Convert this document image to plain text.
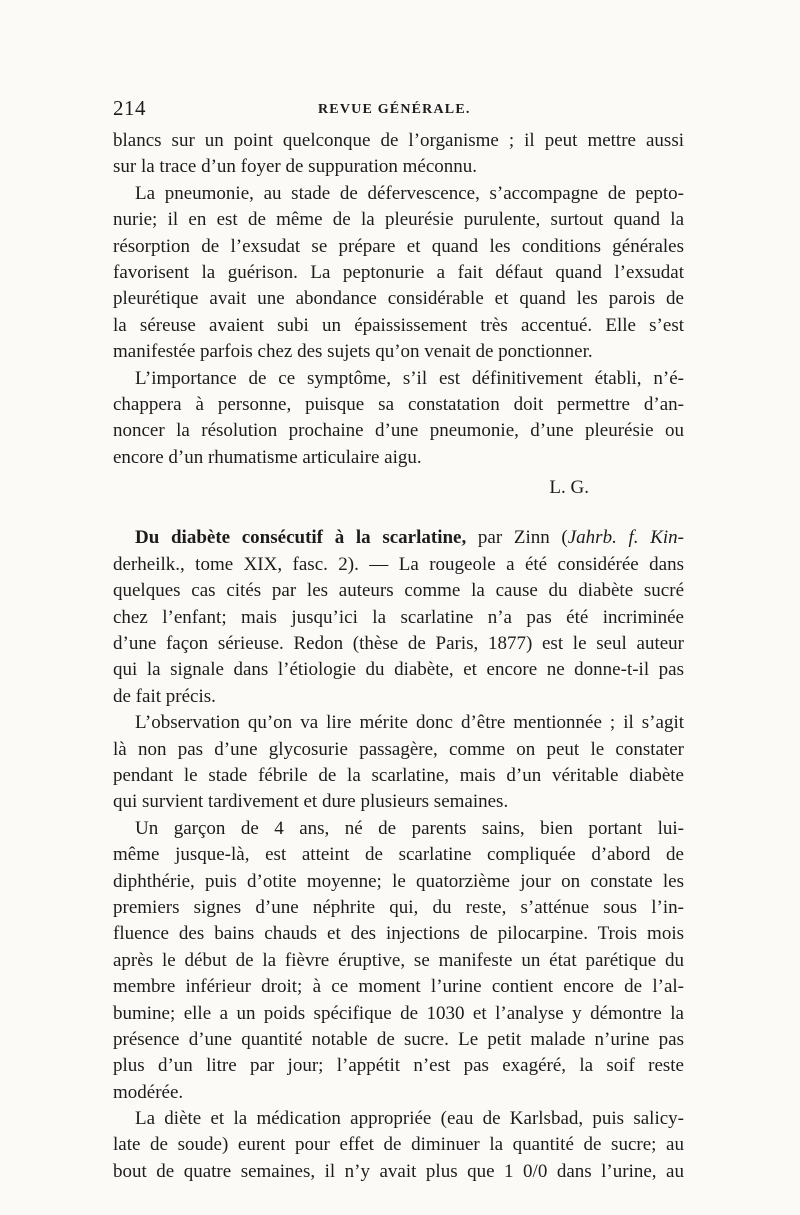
214	REVUE GÉNÉRALE.
blancs sur un point quelconque de l’organisme ; il peut mettre aussi
sur la trace d’un foyer de suppuration méconnu.
La pneumonie, au stade de défervescence, s’accompagne de pepto-
nurie; il en est de même de la pleurésie purulente, surtout quand la
résorption de l’exsudat se prépare et quand les conditions générales
favorisent la guérison. La peptonurie a fait défaut quand l’exsudat
pleurétique avait une abondance considérable et quand les parois de
la séreuse avaient subi un épaississement très accentué. Elle s’est
manifestée parfois chez des sujets qu’on venait de ponctionner.
L’importance de ce symptôme, s’il est définitivement établi, n’é-
chappera à personne, puisque sa constatation doit permettre d’an-
noncer la résolution prochaine d’une pneumonie, d’une pleurésie ou
encore d’un rhumatisme articulaire aigu.
L. G.
Du diabète consécutif à la scarlatine, par Zinn (Jahrb. f. Kin-
derheilk., tome XIX, fasc. 2). — La rougeole a été considérée dans
quelques cas cités par les auteurs comme la cause du diabète sucré
chez l’enfant; mais jusqu’ici la scarlatine n’a pas été incriminée
d’une façon sérieuse. Redon (thèse de Paris, 1877) est le seul auteur
qui la signale dans l’étiologie du diabète, et encore ne donne-t-il pas
de fait précis.
L’observation qu’on va lire mérite donc d’être mentionnée ; il s’agit
là non pas d’une glycosurie passagère, comme on peut le constater
pendant le stade fébrile de la scarlatine, mais d’un véritable diabète
qui survient tardivement et dure plusieurs semaines.
Un garçon de 4 ans, né de parents sains, bien portant lui-
même jusque-là, est atteint de scarlatine compliquée d’abord de
diphthérie, puis d’otite moyenne; le quatorzième jour on constate les
premiers signes d’une néphrite qui, du reste, s’atténue sous l’in-
fluence des bains chauds et des injections de pilocarpine. Trois mois
après le début de la fièvre éruptive, se manifeste un état parétique du
membre inférieur droit; à ce moment l’urine contient encore de l’al-
bumine; elle a un poids spécifique de 1030 et l’analyse y démontre la
présence d’une quantité notable de sucre. Le petit malade n’urine pas
plus d’un litre par jour; l’appétit n’est pas exagéré, la soif reste
modérée.
La diète et la médication appropriée (eau de Karlsbad, puis salicy-
late de soude) eurent pour effet de diminuer la quantité de sucre; au
bout de quatre semaines, il n’y avait plus que 1 0/0 dans l’urine, au
